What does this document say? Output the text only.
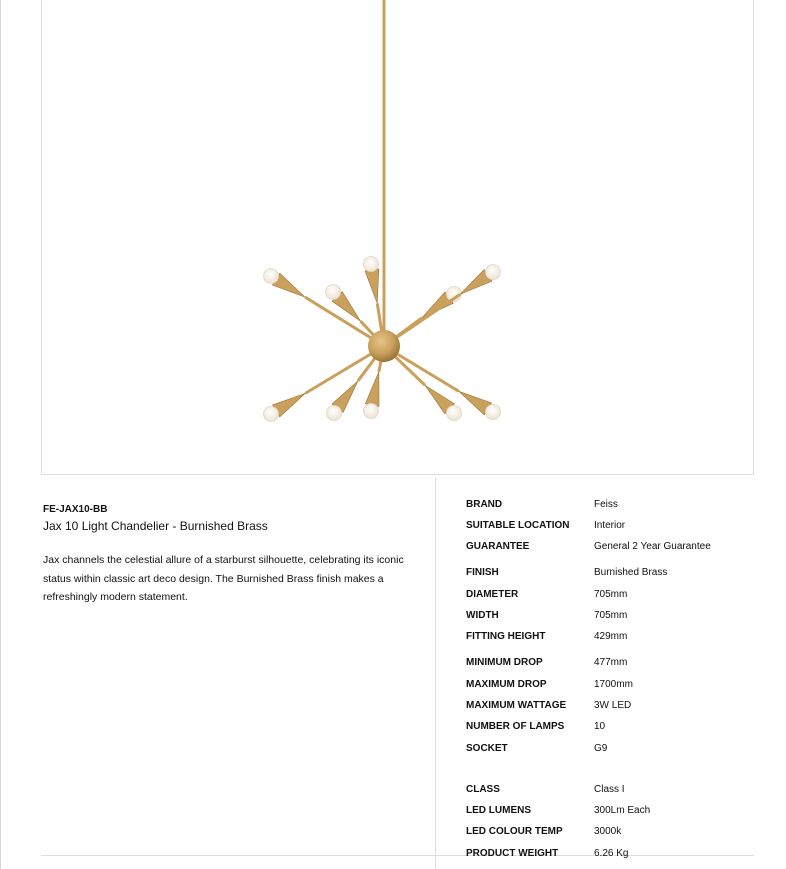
FE-JAX10-BB
Jax 10 Light Chandelier - Burnished Brass
Jax channels the celestial allure of a starburst silhouette, celebrating its iconic status within classic art deco design. The Burnished Brass finish makes a refreshingly modern statement.
BRAND	Feiss
SUITABLE LOCATION Interior
GUARANTEE	General 2 Year Guarantee
FINISH	Burnished Brass
DIAMETER	705mm
WIDTH	705mm
FITTING HEIGHT	429mm
MINIMUM DROP	477mm
MAXIMUM DROP	1700mm
MAXIMUM WATTAGE	3W LED
NUMBER OF LAMPS	10
SOCKET	G9
CLASS	Class I
LED LUMENS	300Lm Each
LED COLOUR TEMP	3000k
PRODUCT WEIGHT	6.26 Kg
